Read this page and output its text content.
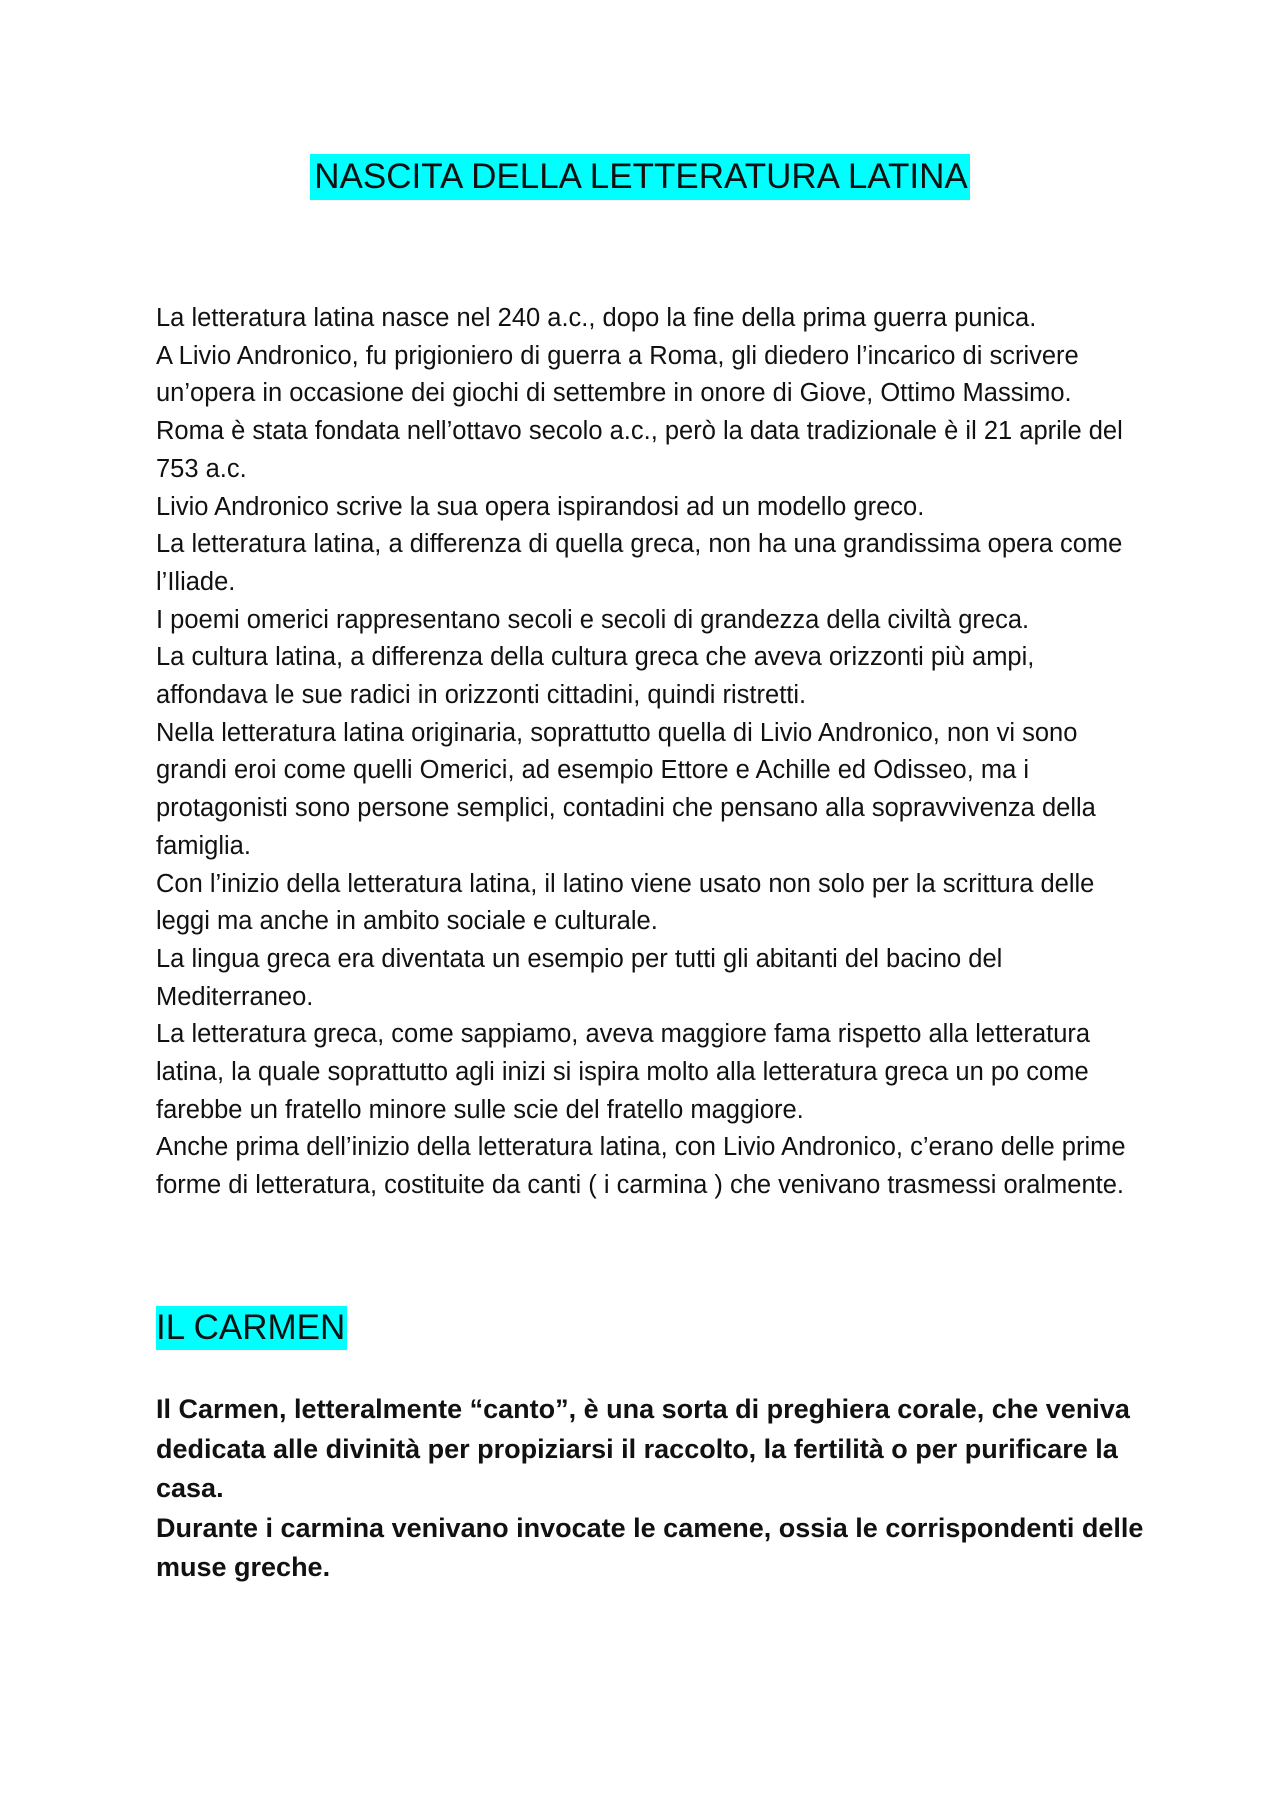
NASCITA DELLA LETTERATURA LATINA

La letteratura latina nasce nel 240 a.c., dopo la fine della prima guerra punica.

A Livio Andronico, fu prigioniero di guerra a Roma, gli diedero l’incarico di scrivere un’opera in occasione dei giochi di settembre in onore di Giove, Ottimo Massimo.

Roma è stata fondata nell’ottavo secolo a.c., però la data tradizionale è il 21 aprile del 753 a.c.

Livio Andronico scrive la sua opera ispirandosi ad un modello greco.

La letteratura latina, a differenza di quella greca, non ha una grandissima opera come l’Iliade.

I poemi omerici rappresentano secoli e secoli di grandezza della civiltà greca.

La cultura latina, a differenza della cultura greca che aveva orizzonti più ampi, affondava le sue radici in orizzonti cittadini, quindi ristretti.

Nella letteratura latina originaria, soprattutto quella di Livio Andronico, non vi sono grandi eroi come quelli Omerici, ad esempio Ettore e Achille ed Odisseo, ma i protagonisti sono persone semplici, contadini che pensano alla sopravvivenza della famiglia.

Con l’inizio della letteratura latina, il latino viene usato non solo per la scrittura delle leggi ma anche in ambito sociale e culturale.

La lingua greca era diventata un esempio per tutti gli abitanti del bacino del Mediterraneo.

La letteratura greca, come sappiamo, aveva maggiore fama rispetto alla letteratura latina, la quale soprattutto agli inizi si ispira molto alla letteratura greca un po come farebbe un fratello minore sulle scie del fratello maggiore.

Anche prima dell’inizio della letteratura latina, con Livio Andronico, c’erano delle prime forme di letteratura, costituite da canti ( i carmina ) che venivano trasmessi oralmente.

IL CARMEN

Il Carmen, letteralmente “canto”, è una sorta di preghiera corale, che veniva dedicata alle divinità per propiziarsi il raccolto, la fertilità o per purificare la casa.

Durante i carmina venivano invocate le camene, ossia le corrispondenti delle muse greche.
